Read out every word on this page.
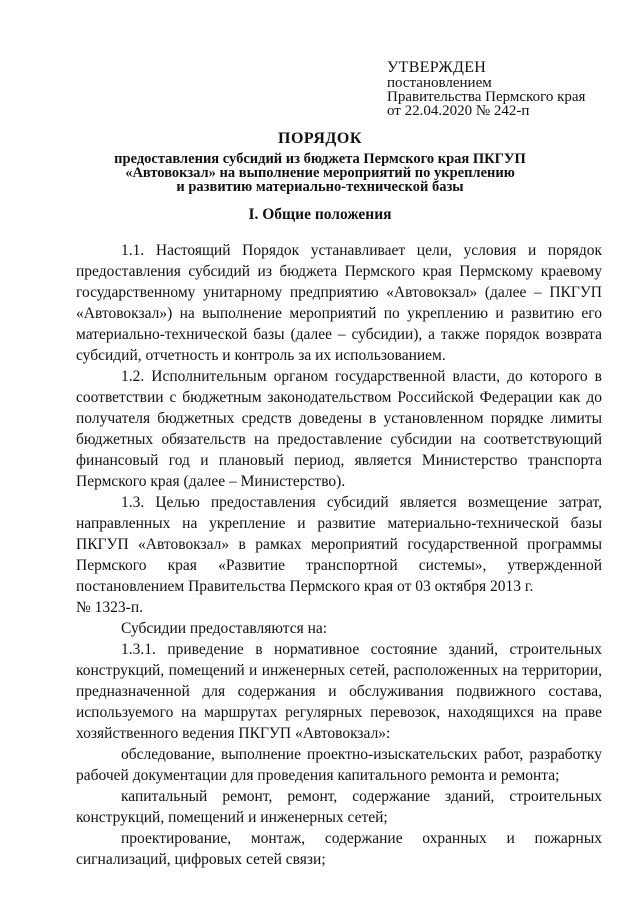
УТВЕРЖДЕН
постановлением
Правительства Пермского края
от 22.04.2020 № 242-п
ПОРЯДОК
предоставления субсидий из бюджета Пермского края ПКГУП
«Автовокзал» на выполнение мероприятий по укреплению
и развитию материально-технической базы
I. Общие положения

1.1. Настоящий Порядок устанавливает цели, условия и порядок предоставления субсидий из бюджета Пермского края Пермскому краевому государственному унитарному предприятию «Автовокзал» (далее – ПКГУП «Автовокзал») на выполнение мероприятий по укреплению и развитию его материально-технической базы (далее – субсидии), а также порядок возврата субсидий, отчетность и контроль за их использованием.

1.2. Исполнительным органом государственной власти, до которого в соответствии с бюджетным законодательством Российской Федерации как до получателя бюджетных средств доведены в установленном порядке лимиты бюджетных обязательств на предоставление субсидии на соответствующий финансовый год и плановый период, является Министерство транспорта Пермского края (далее – Министерство).

1.3. Целью предоставления субсидий является возмещение затрат, направленных на укрепление и развитие материально-технической базы ПКГУП «Автовокзал» в рамках мероприятий государственной программы Пермского края «Развитие транспортной системы», утвержденной постановлением Правительства Пермского края от 03 октября 2013 г.

№ 1323-п.

Субсидии предоставляются на:

1.3.1. приведение в нормативное состояние зданий, строительных конструкций, помещений и инженерных сетей, расположенных на территории, предназначенной для содержания и обслуживания подвижного состава, используемого на маршрутах регулярных перевозок, находящихся на праве хозяйственного ведения ПКГУП «Автовокзал»:

обследование, выполнение проектно-изыскательских работ, разработку рабочей документации для проведения капитального ремонта и ремонта;

капитальный ремонт, ремонт, содержание зданий, строительных конструкций, помещений и инженерных сетей;

проектирование, монтаж, содержание охранных и пожарных сигнализаций, цифровых сетей связи;
